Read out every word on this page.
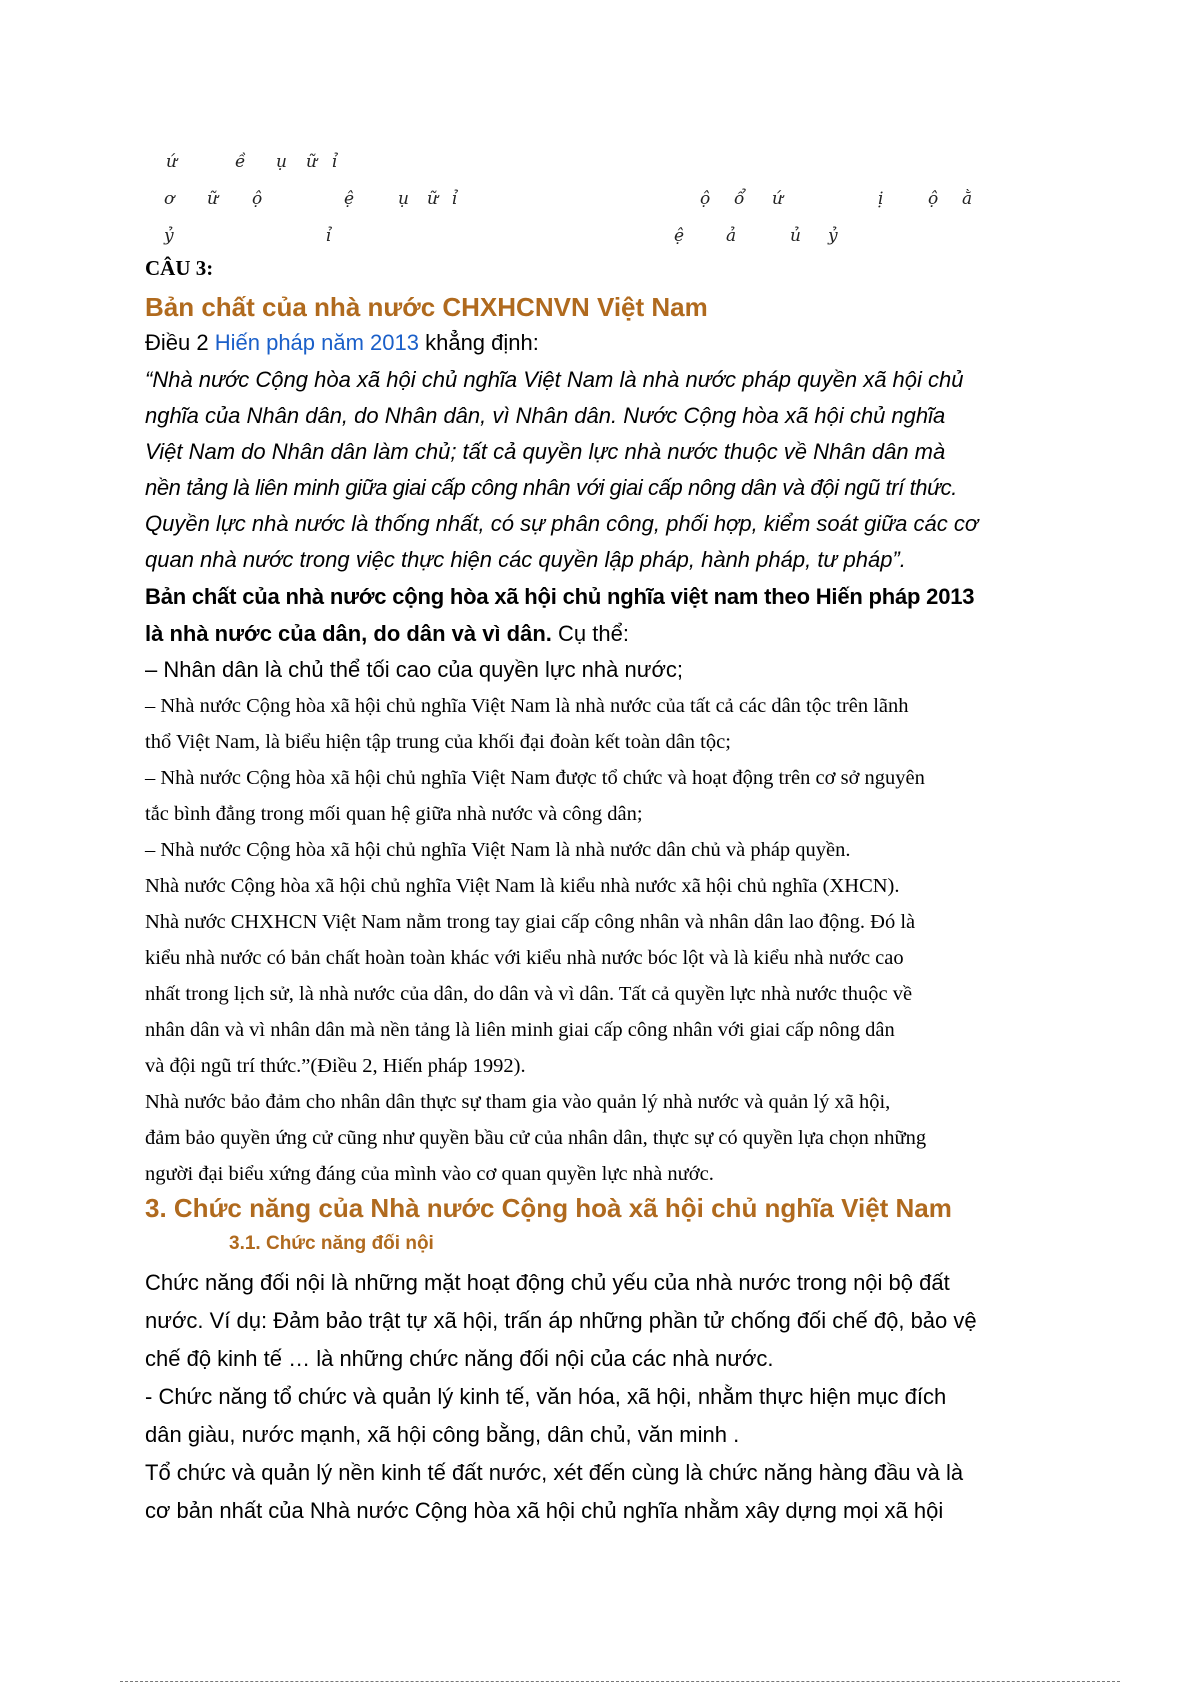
ứ	ề ụ ữ ỉ
ơ ữ ộ	ệ	ụ ữ ỉ	ộ ổ ứ	ị	ộ ằ
ỷ	ỉ	ệ ả	ủ ỷ
CÂU 3:
Bản chất của nhà nước CHXHCNVN Việt Nam
Điều 2 Hiến pháp năm 2013 khẳng định:
“Nhà nước Cộng hòa xã hội chủ nghĩa Việt Nam là nhà nước pháp quyền xã hội chủ
nghĩa của Nhân dân, do Nhân dân, vì Nhân dân. Nước Cộng hòa xã hội chủ nghĩa
Việt Nam do Nhân dân làm chủ; tất cả quyền lực nhà nước thuộc về Nhân dân mà
nền tảng là liên minh giữa giai cấp công nhân với giai cấp nông dân và đội ngũ trí thức.
Quyền lực nhà nước là thống nhất, có sự phân công, phối hợp, kiểm soát giữa các cơ
quan nhà nước trong việc thực hiện các quyền lập pháp, hành pháp, tư pháp”.
Bản chất của nhà nước cộng hòa xã hội chủ nghĩa việt nam theo Hiến pháp 2013
là nhà nước của dân, do dân và vì dân. Cụ thể:
– Nhân dân là chủ thể tối cao của quyền lực nhà nước;
– Nhà nước Cộng hòa xã hội chủ nghĩa Việt Nam là nhà nước của tất cả các dân tộc trên lãnh
thổ Việt Nam, là biểu hiện tập trung của khối đại đoàn kết toàn dân tộc;
– Nhà nước Cộng hòa xã hội chủ nghĩa Việt Nam được tổ chức và hoạt động trên cơ sở nguyên
tắc bình đẳng trong mối quan hệ giữa nhà nước và công dân;
– Nhà nước Cộng hòa xã hội chủ nghĩa Việt Nam là nhà nước dân chủ và pháp quyền.
Nhà nước Cộng hòa xã hội chủ nghĩa Việt Nam là kiểu nhà nước xã hội chủ nghĩa (XHCN).
Nhà nước CHXHCN Việt Nam nằm trong tay giai cấp công nhân và nhân dân lao động. Đó là
kiểu nhà nước có bản chất hoàn toàn khác với kiểu nhà nước bóc lột và là kiểu nhà nước cao
nhất trong lịch sử, là nhà nước của dân, do dân và vì dân. Tất cả quyền lực nhà nước thuộc về
nhân dân và vì nhân dân mà nền tảng là liên minh giai cấp công nhân với giai cấp nông dân
và đội ngũ trí thức.”(Điều 2, Hiến pháp 1992).
Nhà nước bảo đảm cho nhân dân thực sự tham gia vào quản lý nhà nước và quản lý xã hội,
đảm bảo quyền ứng cử cũng như quyền bầu cử của nhân dân, thực sự có quyền lựa chọn những
người đại biểu xứng đáng của mình vào cơ quan quyền lực nhà nước.
3. Chức năng của Nhà nước Cộng hoà xã hội chủ nghĩa Việt Nam
3.1. Chức năng đối nội
Chức năng đối nội là những mặt hoạt động chủ yếu của nhà nước trong nội bộ đất
nước. Ví dụ: Đảm bảo trật tự xã hội, trấn áp những phần tử chống đối chế độ, bảo vệ
chế độ kinh tế … là những chức năng đối nội của các nhà nước.
- Chức năng tổ chức và quản lý kinh tế, văn hóa, xã hội, nhằm thực hiện mục đích
dân giàu, nước mạnh, xã hội công bằng, dân chủ, văn minh .
Tổ chức và quản lý nền kinh tế đất nước, xét đến cùng là chức năng hàng đầu và là
cơ bản nhất của Nhà nước Cộng hòa xã hội chủ nghĩa nhằm xây dựng mọi xã hội
